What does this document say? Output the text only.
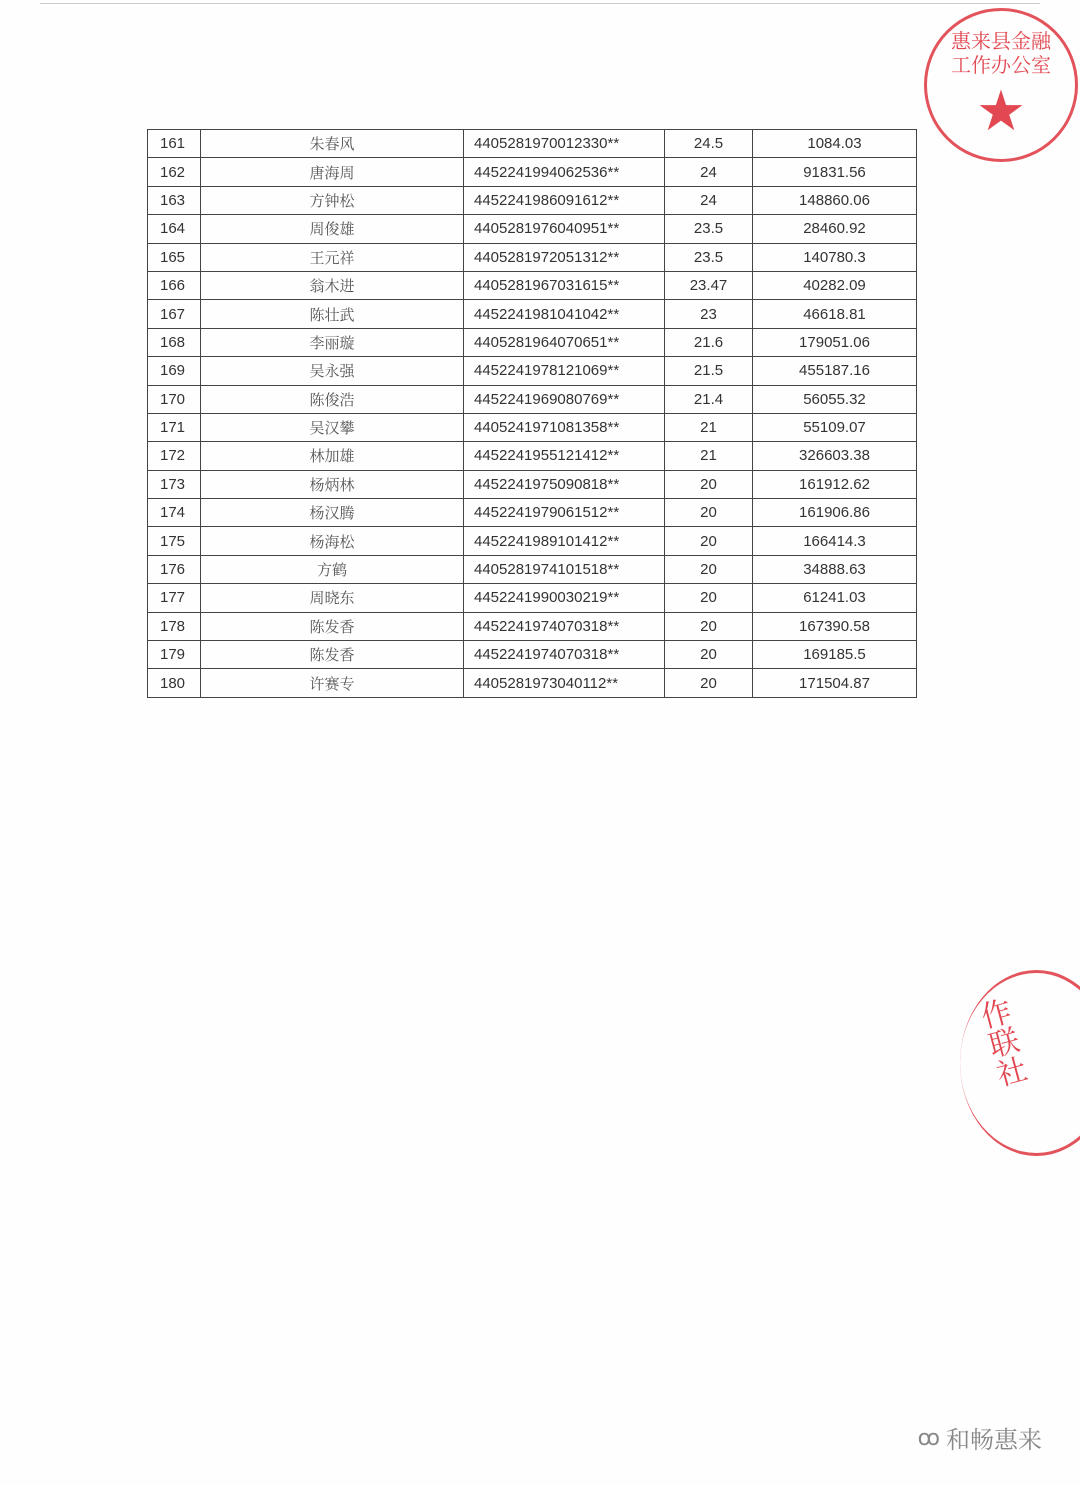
161	朱春风	4405281970012330**	24.5	1084.03
162	唐海周	4452241994062536**	24	91831.56
163	方钟松	4452241986091612**	24	148860.06
164	周俊雄	4405281976040951**	23.5	28460.92
165	王元祥	4405281972051312**	23.5	140780.3
166	翁木进	4405281967031615**	23.47	40282.09
167	陈壮武	4452241981041042**	23	46618.81
168	李丽璇	4405281964070651**	21.6	179051.06
169	吴永强	4452241978121069**	21.5	455187.16
170	陈俊浩	4452241969080769**	21.4	56055.32
171	吴汉攀	4405241971081358**	21	55109.07
172	林加雄	4452241955121412**	21	326603.38
173	杨炳林	4452241975090818**	20	161912.62
174	杨汉腾	4452241979061512**	20	161906.86
175	杨海松	4452241989101412**	20	166414.3
176	方鹤	4405281974101518**	20	34888.63
177	周晓东	4452241990030219**	20	61241.03
178	陈发香	4452241974070318**	20	167390.58
179	陈发香	4452241974070318**	20	169185.5
180	许赛专	4405281973040112**	20	171504.87
惠来县金融工作办公室
★
作联社
ꝏ 和畅惠来
